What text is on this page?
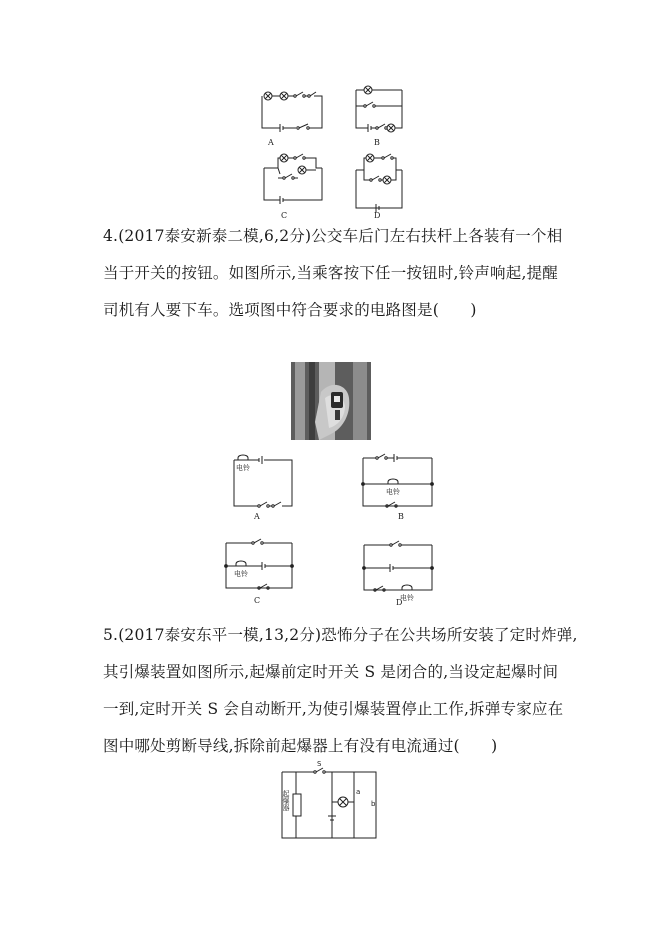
A	B
C	D

4.(2017泰安新泰二模,6,2分)公交车后门左右扶杆上各装有一个相

当于开关的按钮。如图所示,当乘客按下任一按钮时,铃声响起,提醒

司机有人要下车。选项图中符合要求的电路图是(　　)

电铃
A
电铃
B
电铃
C	电铃
D

5.(2017泰安东平一模,13,2分)恐怖分子在公共场所安装了定时炸弹,

其引爆装置如图所示,起爆前定时开关 S 是闭合的,当设定起爆时间

一到,定时开关 S 会自动断开,为使引爆装置停止工作,拆弹专家应在

图中哪处剪断导线,拆除前起爆器上有没有电流通过(　　)

S
a
b
起爆器
